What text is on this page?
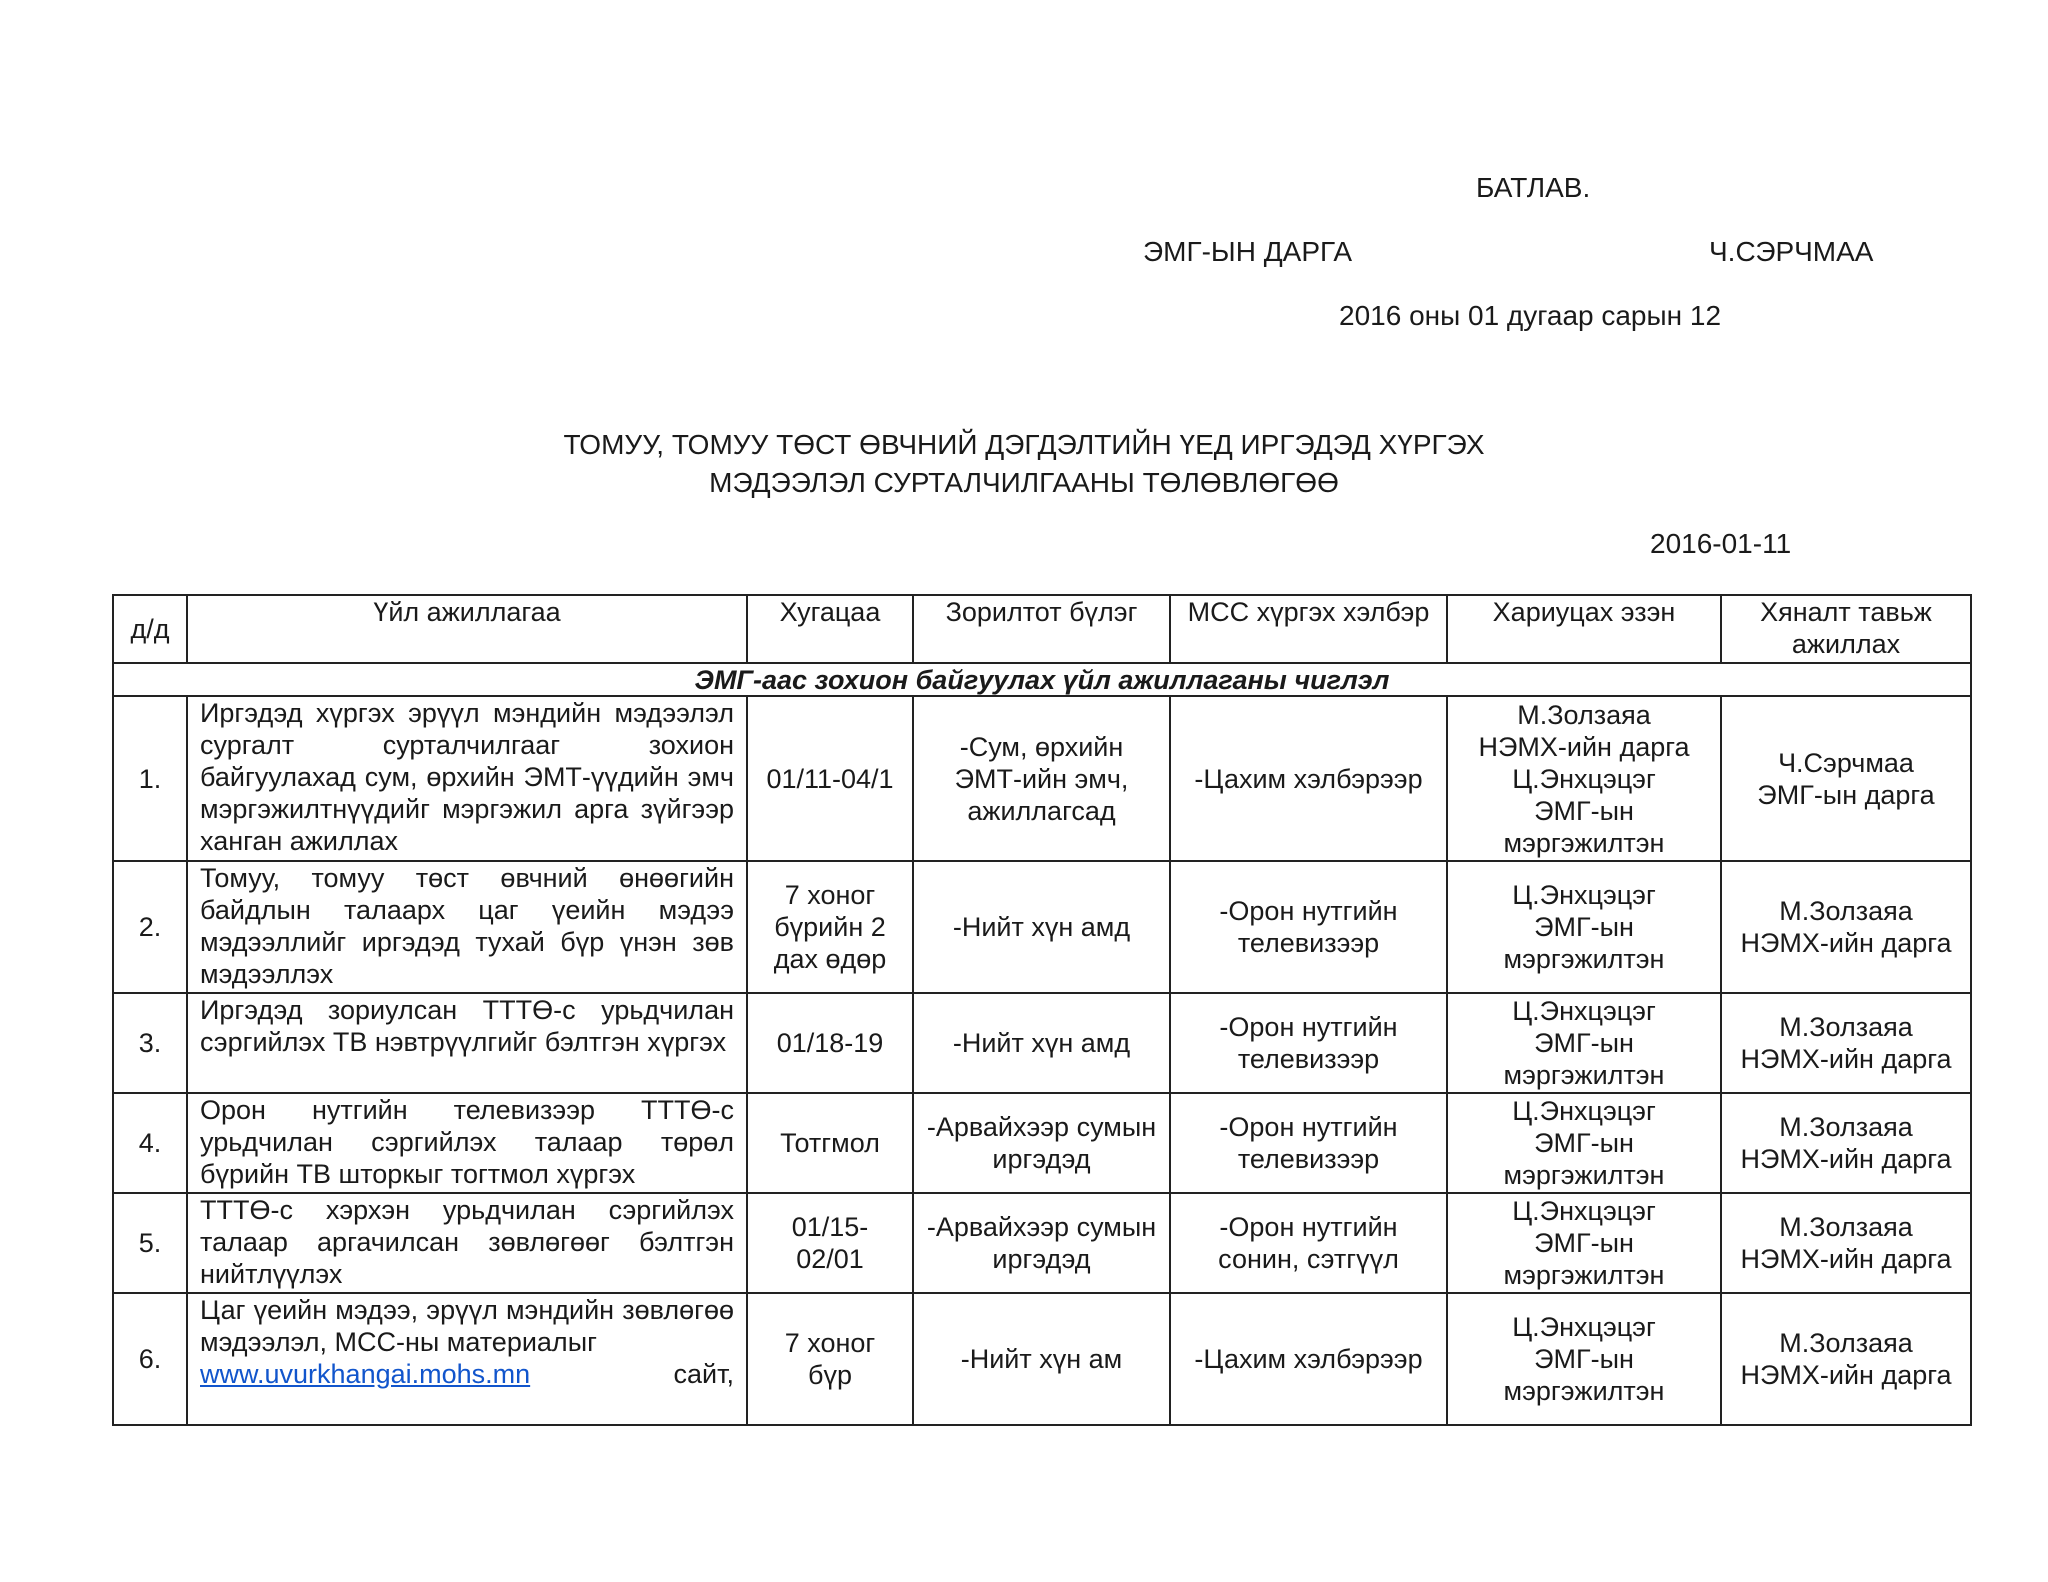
БАТЛАВ.
ЭМГ-ЫН ДАРГА	Ч.СЭРЧМАА
2016 оны 01 дугаар сарын 12
ТОМУУ, ТОМУУ ТӨСТ ӨВЧНИЙ ДЭГДЭЛТИЙН ҮЕД ИРГЭДЭД ХҮРГЭХ
МЭДЭЭЛЭЛ СУРТАЛЧИЛГААНЫ ТӨЛӨВЛӨГӨӨ
2016-01-11
д/д	Үйл ажиллагаа	Хугацаа	Зорилтот бүлэг	МСС хүргэх хэлбэр	Хариуцах эзэн	Хяналт тавьж ажиллах
ЭМГ-аас зохион байгуулах үйл ажиллаганы чиглэл						
1.	Иргэдэд хүргэх эрүүл мэндийн мэдээлэл сургалт сурталчилгааг зохион байгуулахад сум, өрхийн ЭМТ-үүдийн эмч мэргэжилтнүүдийг мэргэжил арга зүйгээр ханган ажиллах	01/11-04/1	-Сум, өрхийн ЭМТ-ийн эмч, ажиллагсад	-Цахим хэлбэрээр	М.Золзаяа
НЭМХ-ийн дарга
Ц.Энхцэцэг
ЭМГ-ын
мэргэжилтэн	Ч.Сэрчмаа
ЭМГ-ын дарга

2.	Томуу, томуу төст өвчний өнөөгийн байдлын талаарх цаг үеийн мэдээ мэдээллийг иргэдэд тухай бүр үнэн зөв мэдээллэх	7 хоног бүрийн 2 дах өдөр	-Нийт хүн амд	-Орон нутгийн телевизээр	Ц.Энхцэцэг
ЭМГ-ын
мэргэжилтэн	М.Золзаяа
НЭМХ-ийн дарга

3.	Иргэдэд зориулсан ТТТӨ-с урьдчилан сэргийлэх ТВ нэвтрүүлгийг бэлтгэн хүргэх	01/18-19	-Нийт хүн амд	-Орон нутгийн телевизээр	Ц.Энхцэцэг
ЭМГ-ын
мэргэжилтэн	М.Золзаяа
НЭМХ-ийн дарга

4.	Орон нутгийн телевизээр ТТТӨ-с урьдчилан сэргийлэх талаар төрөл бүрийн ТВ шторкыг тогтмол хүргэх	Тотгмол	-Арвайхээр сумын иргэдэд	-Орон нутгийн телевизээр	Ц.Энхцэцэг
ЭМГ-ын
мэргэжилтэн	М.Золзаяа
НЭМХ-ийн дарга

5.	ТТТӨ-с хэрхэн урьдчилан сэргийлэх талаар аргачилсан зөвлөгөөг бэлтгэн нийтлүүлэх	01/15-02/01	-Арвайхээр сумын иргэдэд	-Орон нутгийн сонин, сэтгүүл	Ц.Энхцэцэг
ЭМГ-ын
мэргэжилтэн	М.Золзаяа
НЭМХ-ийн дарга

6.	Цаг үеийн мэдээ, эрүүл мэндийн зөвлөгөө мэдээлэл, МСС-ны материалыг
www.uvurkhangai.mohs.mn сайт,	7 хоног бүр	-Нийт хүн ам	-Цахим хэлбэрээр	Ц.Энхцэцэг
ЭМГ-ын
мэргэжилтэн	М.Золзаяа
НЭМХ-ийн дарга
